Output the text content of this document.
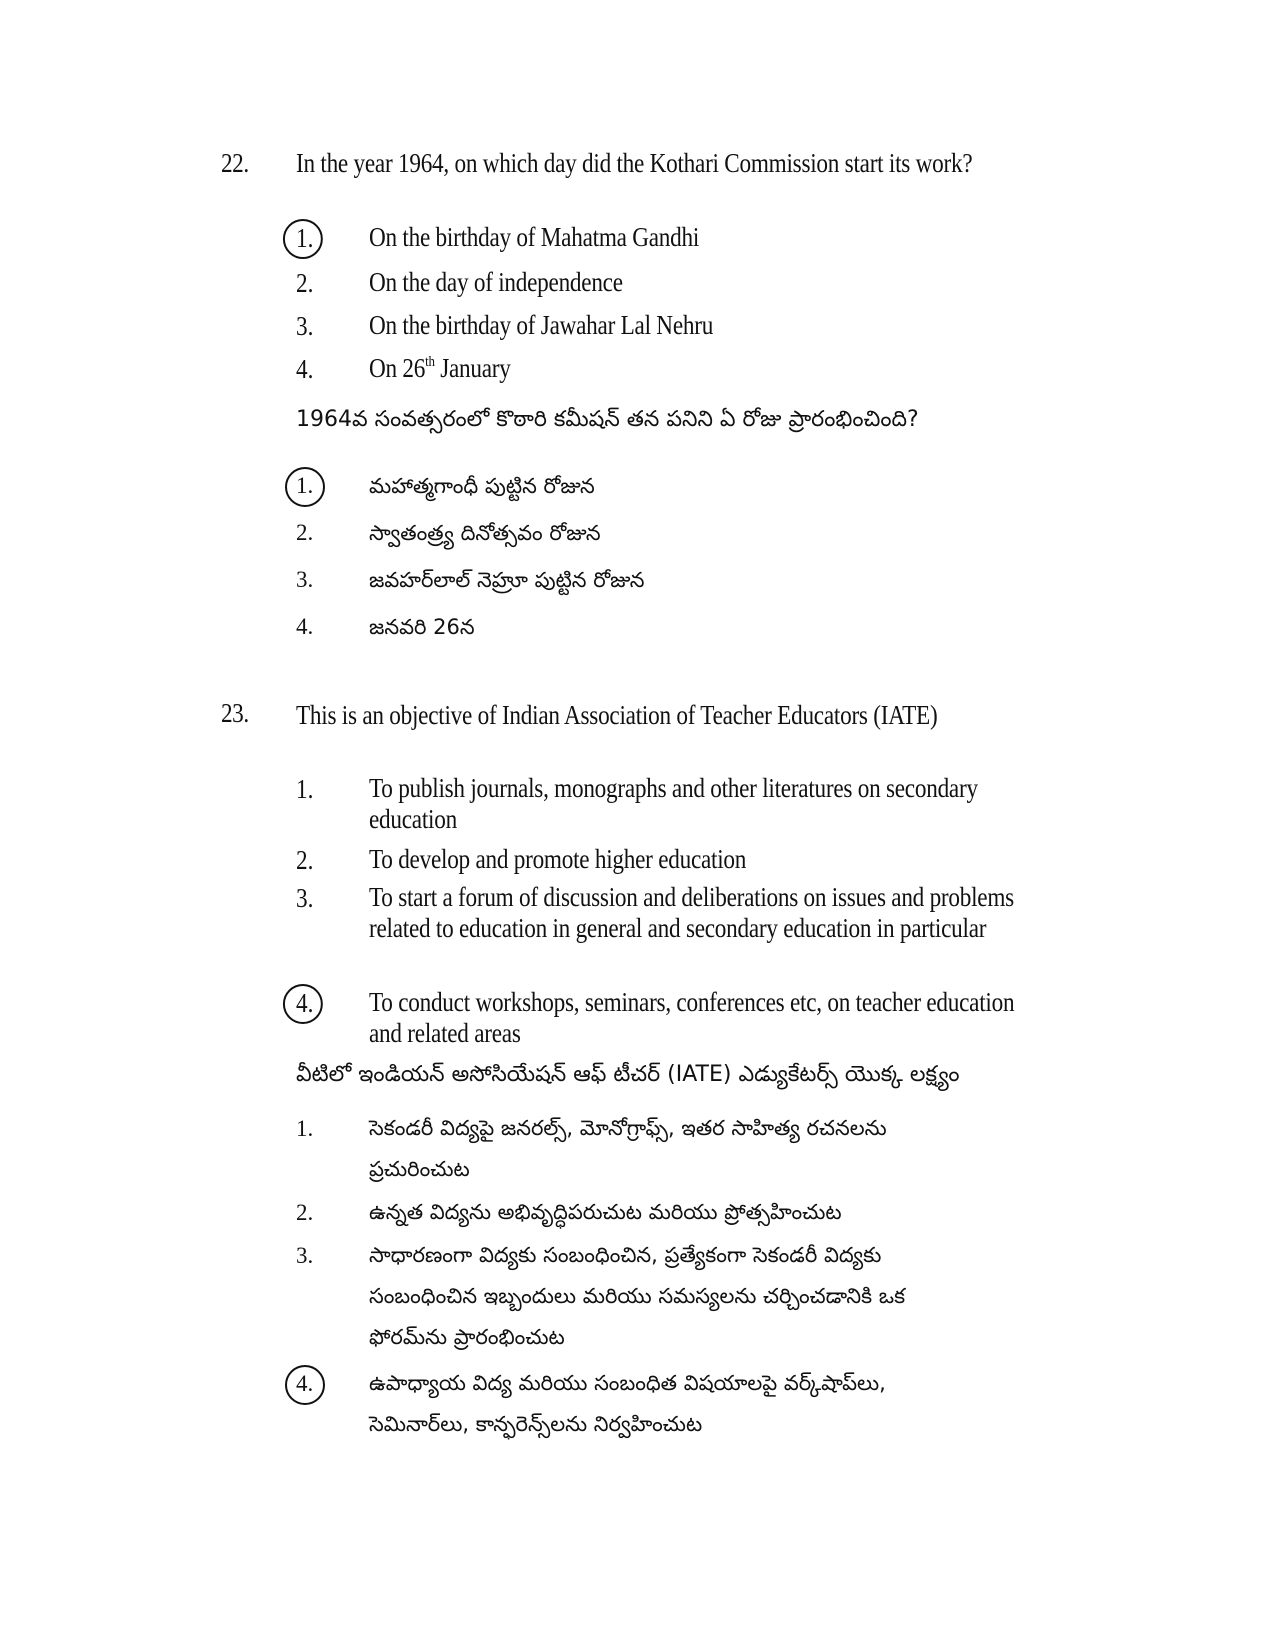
22. In the year 1964, on which day did the Kothari Commission start its work?
1.	On the birthday of Mahatma Gandhi
2.	On the day of independence
3.	On the birthday of Jawahar Lal Nehru
4.	On 26th January
1964వ సంవత్సరంలో కొఠారి కమీషన్ తన పనిని ఏ రోజు ప్రారంభించింది?
1.	మహాత్మగాంధీ పుట్టిన రోజున
2.	స్వాతంత్ర్య దినోత్సవం రోజున
3.	జవహర్‌లాల్ నెహ్రూ పుట్టిన రోజున
4.	జనవరి 26న
23. This is an objective of Indian Association of Teacher Educators (IATE)
1.	To publish journals, monographs and other literatures on secondary education
2.	To develop and promote higher education
3.	To start a forum of discussion and deliberations on issues and problems related to education in general and secondary education in particular
4.	To conduct workshops, seminars, conferences etc, on teacher education and related areas
వీటిలో ఇండియన్ అసోసియేషన్ ఆఫ్ టీచర్ (IATE) ఎడ్యుకేటర్స్ యొక్క లక్ష్యం
1.	సెకండరీ విద్యపై జనరల్స్, మోనోగ్రాఫ్స్, ఇతర సాహిత్య రచనలను ప్రచురించుట
2.	ఉన్నత విద్యను అభివృద్ధిపరుచుట మరియు ప్రోత్సహించుట
3.	సాధారణంగా విద్యకు సంబంధించిన, ప్రత్యేకంగా సెకండరీ విద్యకు సంబంధించిన ఇబ్బందులు మరియు సమస్యలను చర్చించడానికి ఒక ఫోరమ్‌ను ప్రారంభించుట
4.	ఉపాధ్యాయ విద్య మరియు సంబంధిత విషయాలపై వర్క్‌షాప్‌లు, సెమినార్‌లు, కాన్ఫరెన్స్‌లను నిర్వహించుట
